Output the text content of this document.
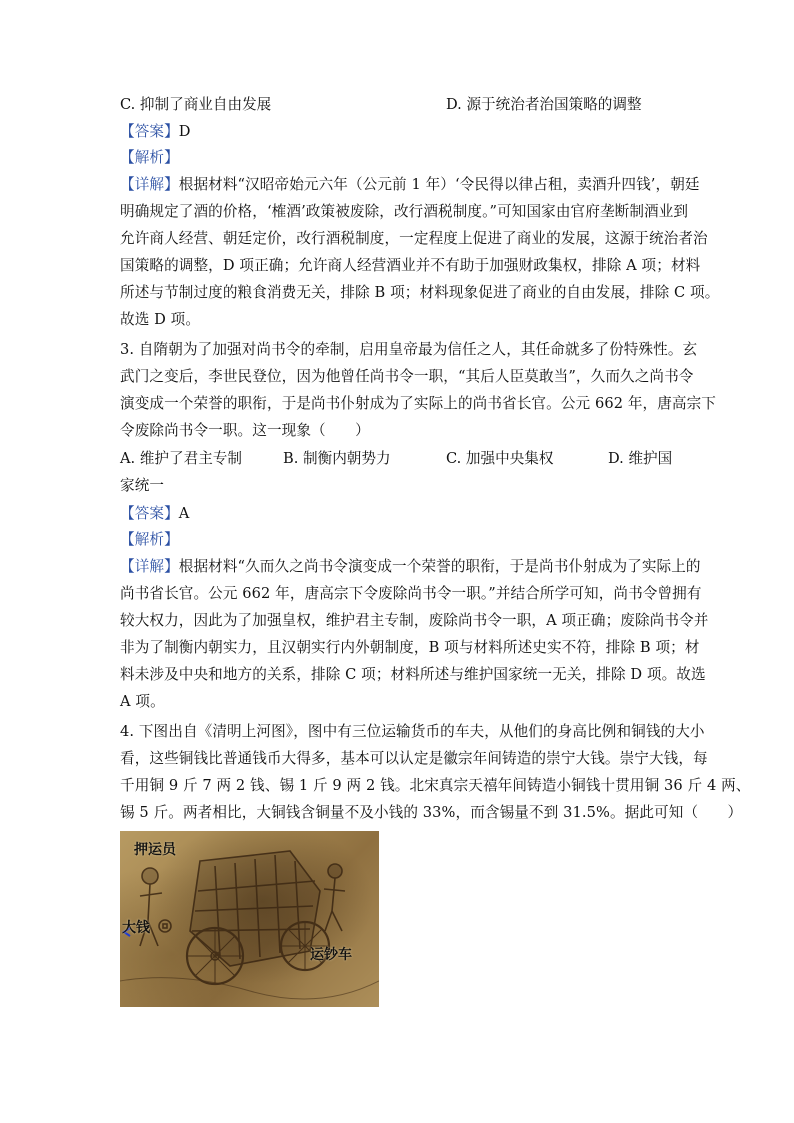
C. 抑制了商业自由发展	D. 源于统治者治国策略的调整
【答案】D
【解析】
【详解】根据材料“汉昭帝始元六年（公元前 1 年）‘令民得以律占租，卖酒升四钱’，朝廷
明确规定了酒的价格，‘榷酒’政策被废除，改行酒税制度。”可知国家由官府垄断制酒业到
允许商人经营、朝廷定价，改行酒税制度，一定程度上促进了商业的发展，这源于统治者治
国策略的调整，D 项正确；允许商人经营酒业并不有助于加强财政集权，排除 A 项；材料
所述与节制过度的粮食消费无关，排除 B 项；材料现象促进了商业的自由发展，排除 C 项。
故选 D 项。
3. 自隋朝为了加强对尚书令的牵制，启用皇帝最为信任之人，其任命就多了份特殊性。玄
武门之变后，李世民登位，因为他曾任尚书令一职，“其后人臣莫敢当”，久而久之尚书令
演变成一个荣誉的职衔，于是尚书仆射成为了实际上的尚书省长官。公元 662 年，唐高宗下
令废除尚书令一职。这一现象（　　）
A. 维护了君主专制	B. 制衡内朝势力	C. 加强中央集权	D. 维护国
家统一
【答案】A
【解析】
【详解】根据材料“久而久之尚书令演变成一个荣誉的职衔，于是尚书仆射成为了实际上的
尚书省长官。公元 662 年，唐高宗下令废除尚书令一职。”并结合所学可知，尚书令曾拥有
较大权力，因此为了加强皇权，维护君主专制，废除尚书令一职，A 项正确；废除尚书令并
非为了制衡内朝实力，且汉朝实行内外朝制度，B 项与材料所述史实不符，排除 B 项；材
料未涉及中央和地方的关系，排除 C 项；材料所述与维护国家统一无关，排除 D 项。故选
A 项。
4. 下图出自《清明上河图》，图中有三位运输货币的车夫，从他们的身高比例和铜钱的大小
看，这些铜钱比普通钱币大得多，基本可以认定是徽宗年间铸造的崇宁大钱。崇宁大钱，每
千用铜 9 斤 7 两 2 钱、锡 1 斤 9 两 2 钱。北宋真宗天禧年间铸造小铜钱十贯用铜 36 斤 4 两、
锡 5 斤。两者相比，大铜钱含铜量不及小钱的 33%，而含锡量不到 31.5%。据此可知（　　）
押运员
大钱
运钞车
